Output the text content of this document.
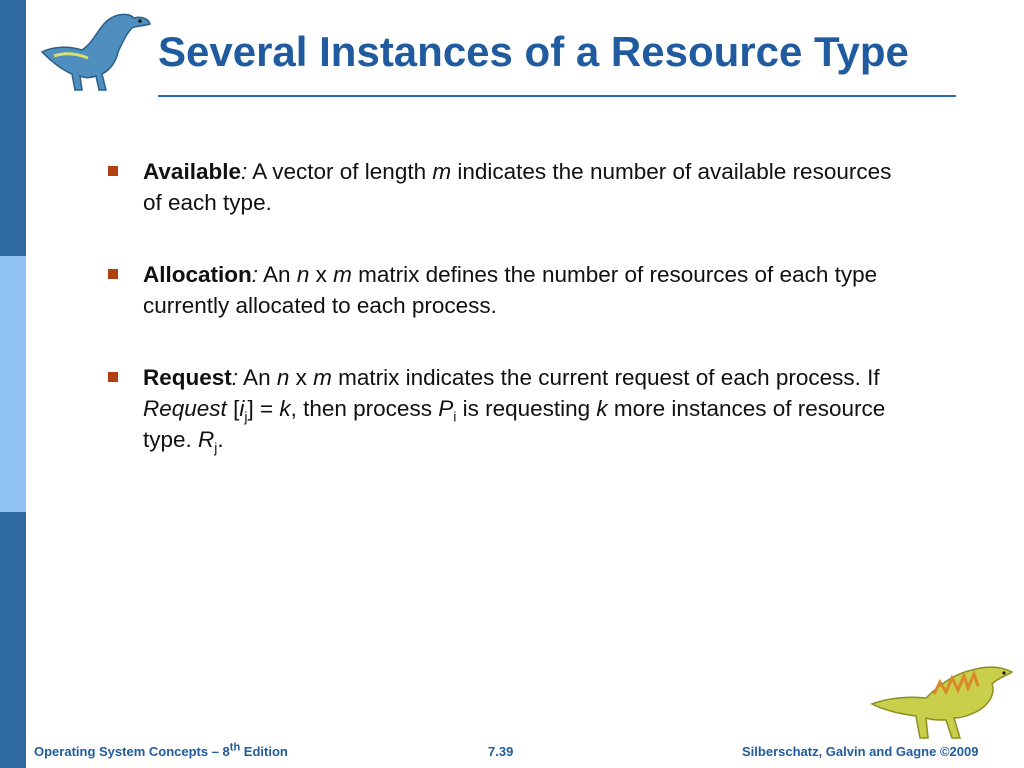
Several Instances of a Resource Type
Available: A vector of length m indicates the number of available resources of each type.
Allocation: An n x m matrix defines the number of resources of each type currently allocated to each process.
Request: An n x m matrix indicates the current request of each process. If Request $[i_j] = k$, then process $P_i$ is requesting k more instances of resource type. $R_j$.
Operating System Concepts – 8th Edition	7.39	Silberschatz, Galvin and Gagne ©2009
